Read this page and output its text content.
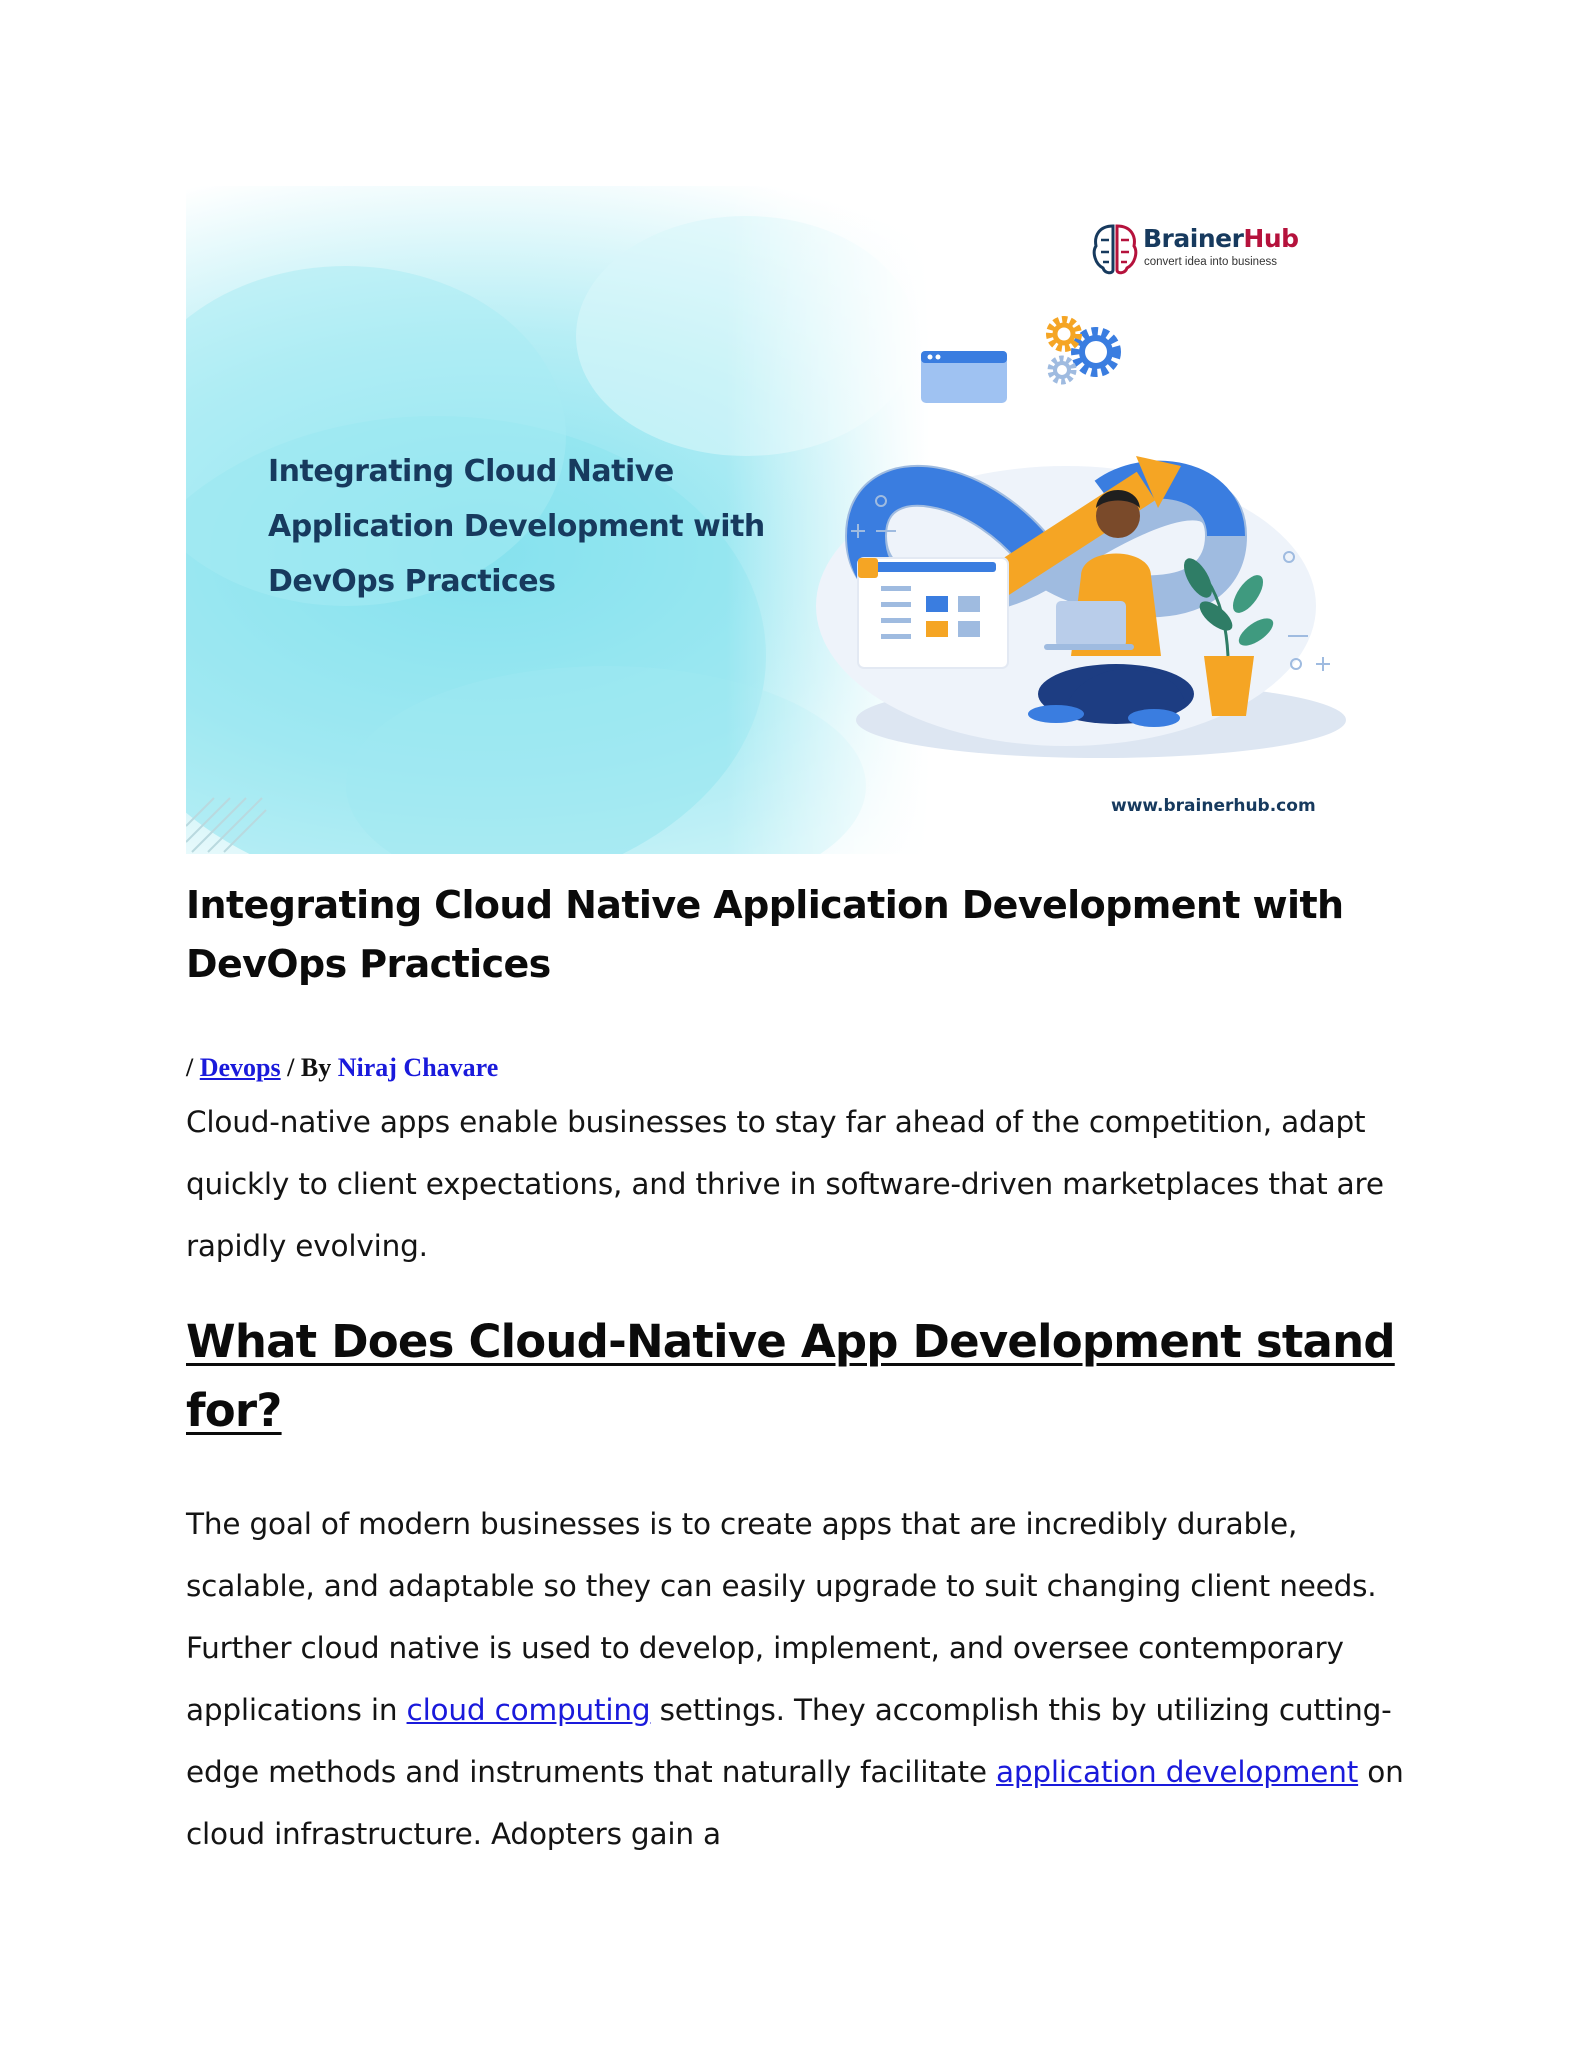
Integrating Cloud Native Application Development with DevOps Practices
BrainerHub
convert idea into business
www.brainerhub.com
Integrating Cloud Native Application Development with DevOps Practices
/ Devops / By Niraj Chavare
Cloud-native apps enable businesses to stay far ahead of the competition, adapt quickly to client expectations, and thrive in software-driven marketplaces that are rapidly evolving.
What Does Cloud-Native App Development stand for?
The goal of modern businesses is to create apps that are incredibly durable, scalable, and adaptable so they can easily upgrade to suit changing client needs. Further cloud native is used to develop, implement, and oversee contemporary applications in cloud computing settings. They accomplish this by utilizing cutting-edge methods and instruments that naturally facilitate application development on cloud infrastructure. Adopters gain a
